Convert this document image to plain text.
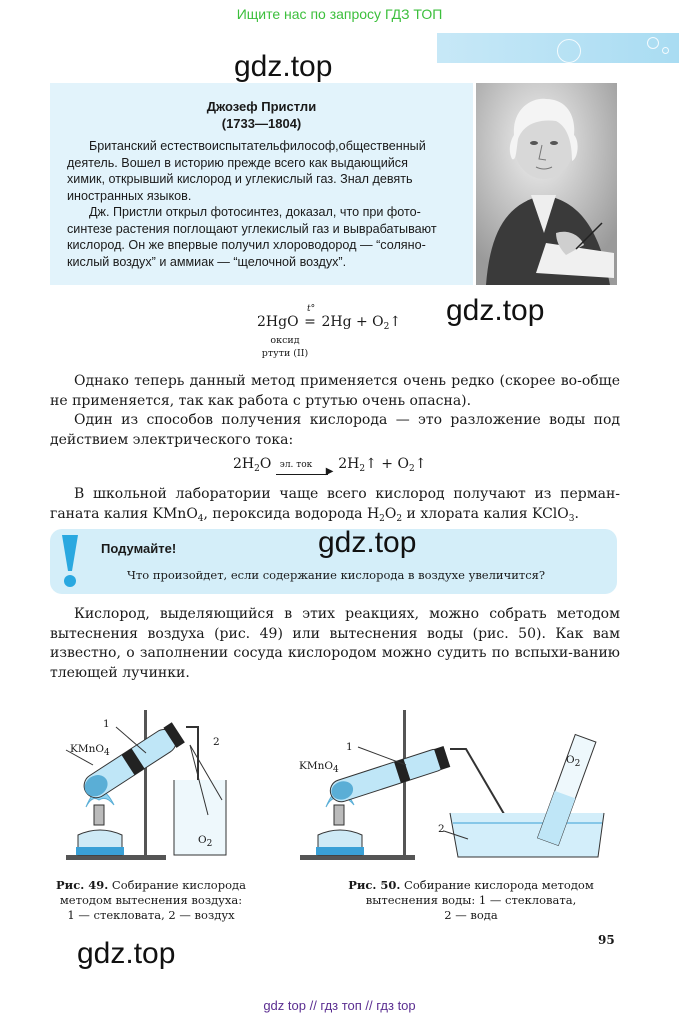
Ищите нас по запросу ГДЗ ТОП
gdz.top
Джозеф Пристли
(1733—1804)
Британский естествоиспытательфилософ,общественный
деятель. Вошел в историю прежде всего как выдающийся
химик, открывший кислород и углекислый газ. Знал девять
иностранных языков.
Дж. Пристли открыл фотосинтез, доказал, что при фото-
синтезе растения поглощают углекислый газ и выврабатывают
кислород. Он же впервые получил хлороводород — “соляно-
кислый воздух” и аммиак — “щелочной воздух”.
gdz.top
2HgO =
t°
$2Hg + O_2↑$
оксид
ртути (II)
Однако теперь данный метод применяется очень редко (скорее во-обще не применяется, так как работа с ртутью очень опасна).
Один из способов получения кислорода — это разложение воды под действием электрического тока:
$2H_2O$ эл. ток
▶ $2H_2↑$ + $O_2↑$
В школьной лаборатории чаще всего кислород получают из перман-ганата калия KMnO$_4$, пероксида водорода $H_2O_2$ и хлората калия KClO$_3$.
Подумайте!
Что произойдет, если содержание кислорода в воздухе увеличится?
gdz.top
Кислород, выделяющийся в этих реакциях, можно собрать методом вытеснения воздуха (рис. 49) или вытеснения воды (рис. 50). Как вам известно, о заполнении сосуда кислородом можно судить по вспыхи-ванию тлеющей лучинки.
1
2
KMnO$_4$
$O_2$
Рис. 49. Собирание кислорода
методом вытеснения воздуха:
1 — стекловата, 2 — воздух
1
2
KMnO$_4$
$O_2$
Рис. 50. Собирание кислорода методом
вытеснения воды: 1 — стекловата,
2 — вода
gdz.top	95
gdz top // гдз топ // гдз top
